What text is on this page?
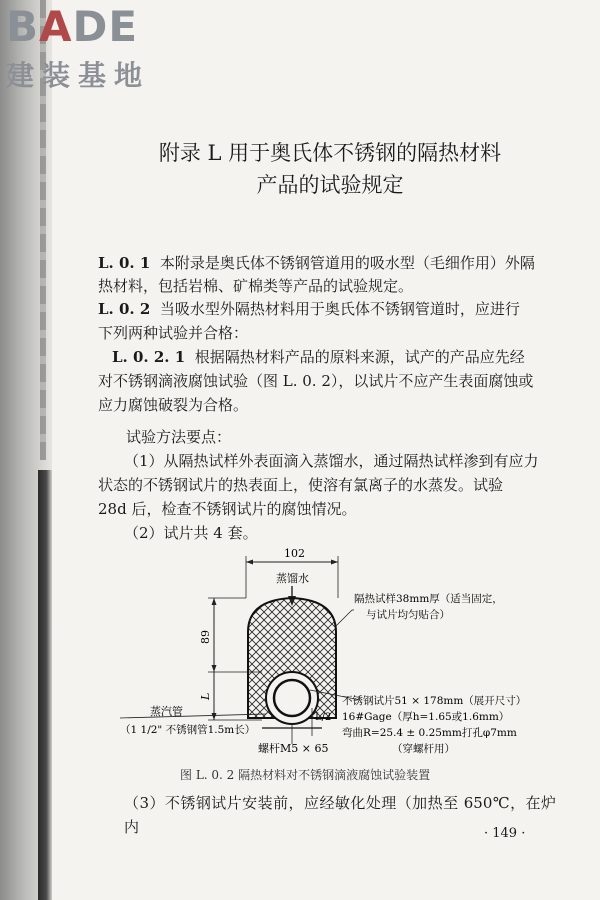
BADE
建装基地
附录 L 用于奥氏体不锈钢的隔热材料
产品的试验规定
L. 0. 1 本附录是奥氏体不锈钢管道用的吸水型（毛细作用）外隔
热材料，包括岩棉、矿棉类等产品的试验规定。
L. 0. 2 当吸水型外隔热材料用于奥氏体不锈钢管道时，应进行
下列两种试验并合格：
L. 0. 2. 1 根据隔热材料产品的原料来源，试产的产品应先经
对不锈钢滴液腐蚀试验（图 L. 0. 2），以试片不应产生表面腐蚀或
应力腐蚀破裂为合格。
试验方法要点：
（1）从隔热试样外表面滴入蒸馏水，通过隔热试样渗到有应力
状态的不锈钢试片的热表面上，使溶有氯离子的水蒸发。试验
28d 后，检查不锈钢试片的腐蚀情况。
（2）试片共 4 套。
102
蒸馏水
89
L
L/2
隔热试样38mm厚（适当固定，
与试片均匀贴合）
蒸汽管
（1 1/2" 不锈钢管1.5m长）
不锈钢试片51 × 178mm（展开尺寸）
16#Gage（厚h=1.65或1.6mm）
弯曲R=25.4 ± 0.25mm打孔φ7mm
（穿螺杆用）
螺杆M5 × 65
图 L. 0. 2 隔热材料对不锈钢滴液腐蚀试验装置
（3）不锈钢试片安装前，应经敏化处理（加热至 650℃，在炉内	· 149 ·
